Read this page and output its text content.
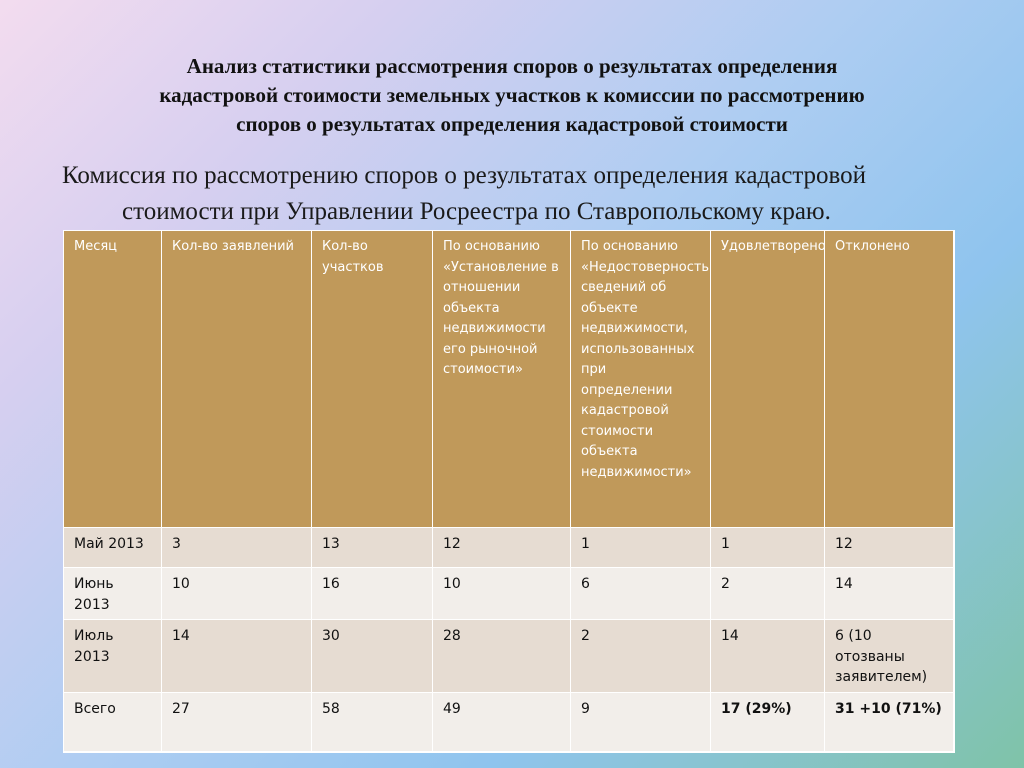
Анализ статистики рассмотрения споров о результатах определения
кадастровой стоимости земельных участков к комиссии по рассмотрению
споров о результатах определения кадастровой стоимости
Комиссия по рассмотрению споров о результатах определения кадастровой
стоимости при Управлении Росреестра по Ставропольскому краю.
Месяц	Кол-во заявлений	Кол-во участков	По основанию «Установление в отношении объекта недвижимости его рыночной стоимости»	По основанию «Недостоверность сведений об объекте недвижимости, использованных при определении кадастровой стоимости объекта недвижимости»	Удовлетворено	Отклонено
Май 2013	3	13	12	1	1	12
Июнь 2013	10	16	10	6	2	14
Июль 2013	14	30	28	2	14	6 (10 отозваны заявителем)
Всего	27	58	49	9	17 (29%)	31 +10 (71%)
